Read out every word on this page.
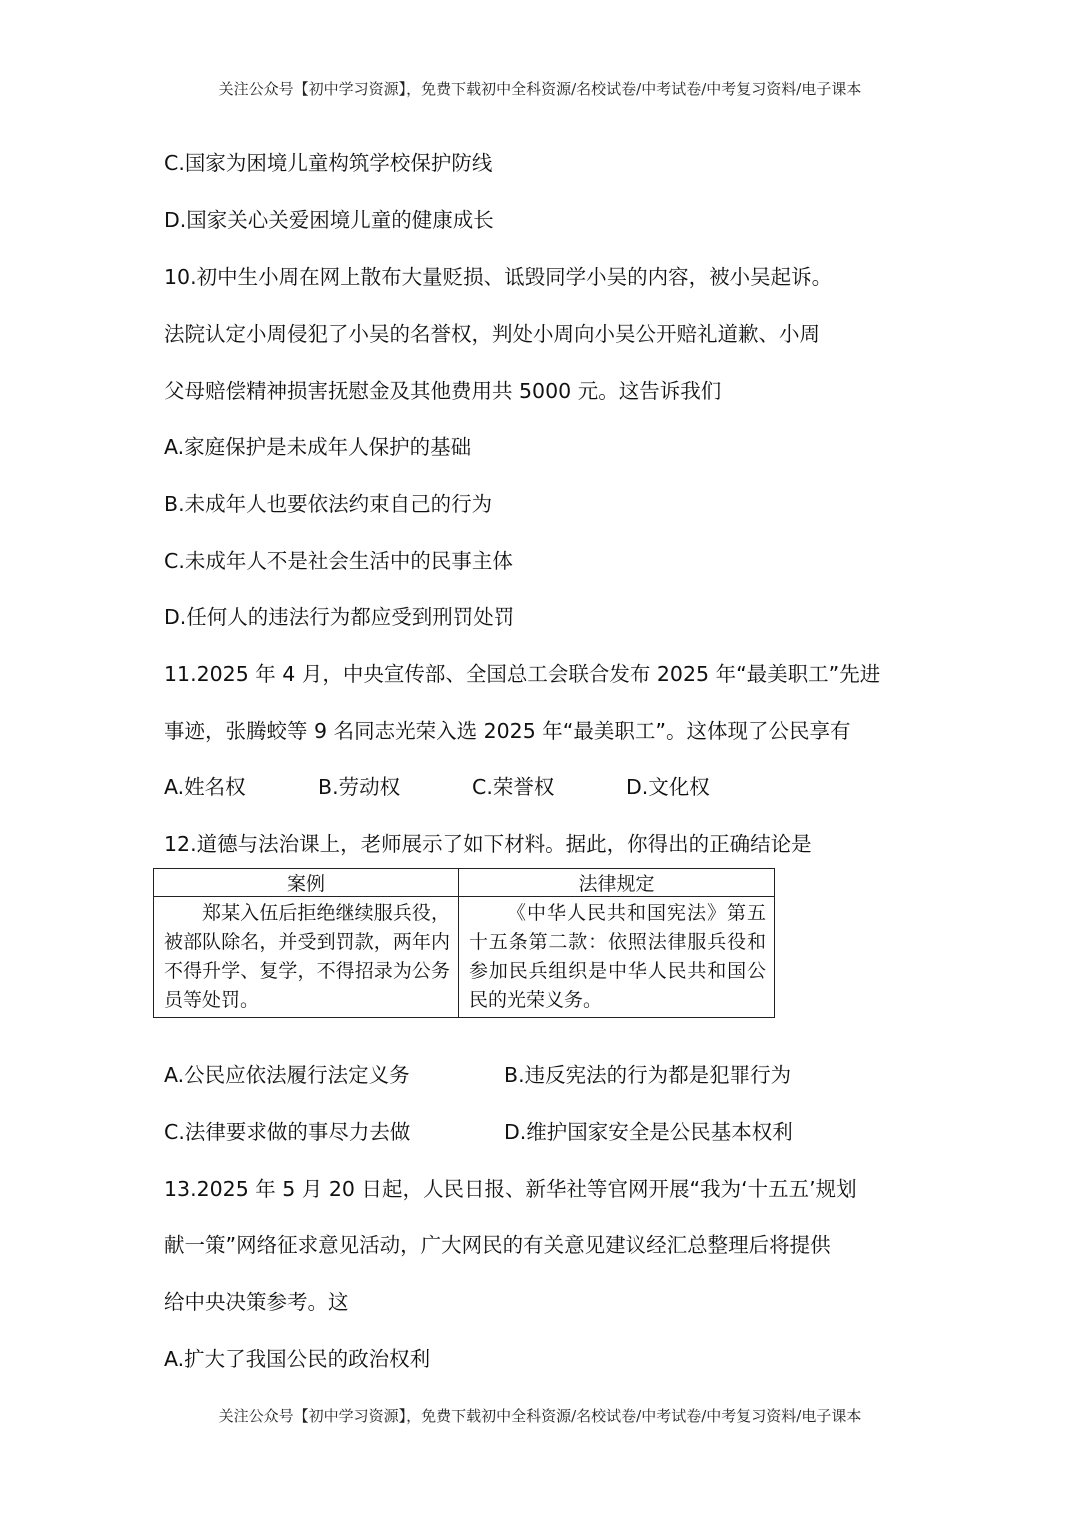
关注公众号【初中学习资源】，免费下载初中全科资源/名校试卷/中考试卷/中考复习资料/电子课本
C.国家为困境儿童构筑学校保护防线
D.国家关心关爱困境儿童的健康成长
10.初中生小周在网上散布大量贬损、诋毁同学小吴的内容，被小吴起诉。
法院认定小周侵犯了小吴的名誉权，判处小周向小吴公开赔礼道歉、小周
父母赔偿精神损害抚慰金及其他费用共 5000 元。这告诉我们
A.家庭保护是未成年人保护的基础
B.未成年人也要依法约束自己的行为
C.未成年人不是社会生活中的民事主体
D.任何人的违法行为都应受到刑罚处罚
11.2025 年 4 月，中央宣传部、全国总工会联合发布 2025 年“最美职工”先进
事迹，张腾蛟等 9 名同志光荣入选 2025 年“最美职工”。这体现了公民享有
A.姓名权	B.劳动权	C.荣誉权	D.文化权
12.道德与法治课上，老师展示了如下材料。据此，你得出的正确结论是
案例	法律规定
郑某入伍后拒绝继续服兵役，被部队除名，并受到罚款，两年内不得升学、复学，不得招录为公务员等处罚。	《中华人民共和国宪法》第五十五条第二款：依照法律服兵役和参加民兵组织是中华人民共和国公民的光荣义务。
A.公民应依法履行法定义务	B.违反宪法的行为都是犯罪行为
C.法律要求做的事尽力去做	D.维护国家安全是公民基本权利
13.2025 年 5 月 20 日起，人民日报、新华社等官网开展“我为‘十五五’规划
献一策”网络征求意见活动，广大网民的有关意见建议经汇总整理后将提供
给中央决策参考。这
A.扩大了我国公民的政治权利
关注公众号【初中学习资源】，免费下载初中全科资源/名校试卷/中考试卷/中考复习资料/电子课本
